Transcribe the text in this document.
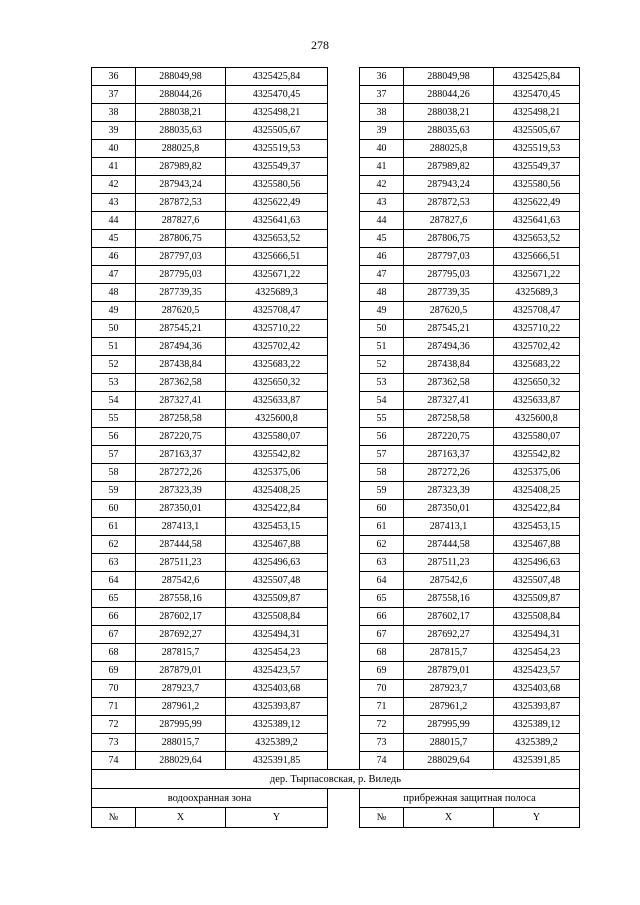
278
36	288049,98	4325425,84		36	288049,98	4325425,84
37	288044,26	4325470,45		37	288044,26	4325470,45
38	288038,21	4325498,21		38	288038,21	4325498,21
39	288035,63	4325505,67		39	288035,63	4325505,67
40	288025,8	4325519,53		40	288025,8	4325519,53
41	287989,82	4325549,37		41	287989,82	4325549,37
42	287943,24	4325580,56		42	287943,24	4325580,56
43	287872,53	4325622,49		43	287872,53	4325622,49
44	287827,6	4325641,63		44	287827,6	4325641,63
45	287806,75	4325653,52		45	287806,75	4325653,52
46	287797,03	4325666,51		46	287797,03	4325666,51
47	287795,03	4325671,22		47	287795,03	4325671,22
48	287739,35	4325689,3		48	287739,35	4325689,3
49	287620,5	4325708,47		49	287620,5	4325708,47
50	287545,21	4325710,22		50	287545,21	4325710,22
51	287494,36	4325702,42		51	287494,36	4325702,42
52	287438,84	4325683,22		52	287438,84	4325683,22
53	287362,58	4325650,32		53	287362,58	4325650,32
54	287327,41	4325633,87		54	287327,41	4325633,87
55	287258,58	4325600,8		55	287258,58	4325600,8
56	287220,75	4325580,07		56	287220,75	4325580,07
57	287163,37	4325542,82		57	287163,37	4325542,82
58	287272,26	4325375,06		58	287272,26	4325375,06
59	287323,39	4325408,25		59	287323,39	4325408,25
60	287350,01	4325422,84		60	287350,01	4325422,84
61	287413,1	4325453,15		61	287413,1	4325453,15
62	287444,58	4325467,88		62	287444,58	4325467,88
63	287511,23	4325496,63		63	287511,23	4325496,63
64	287542,6	4325507,48		64	287542,6	4325507,48
65	287558,16	4325509,87		65	287558,16	4325509,87
66	287602,17	4325508,84		66	287602,17	4325508,84
67	287692,27	4325494,31		67	287692,27	4325494,31
68	287815,7	4325454,23		68	287815,7	4325454,23
69	287879,01	4325423,57		69	287879,01	4325423,57
70	287923,7	4325403,68		70	287923,7	4325403,68
71	287961,2	4325393,87		71	287961,2	4325393,87
72	287995,99	4325389,12		72	287995,99	4325389,12
73	288015,7	4325389,2		73	288015,7	4325389,2
74	288029,64	4325391,85		74	288029,64	4325391,85
дер. Тырпасовская, р. Виледь						
водоохранная зона				прибрежная защитная полоса		
№	X	Y		№	X	Y
